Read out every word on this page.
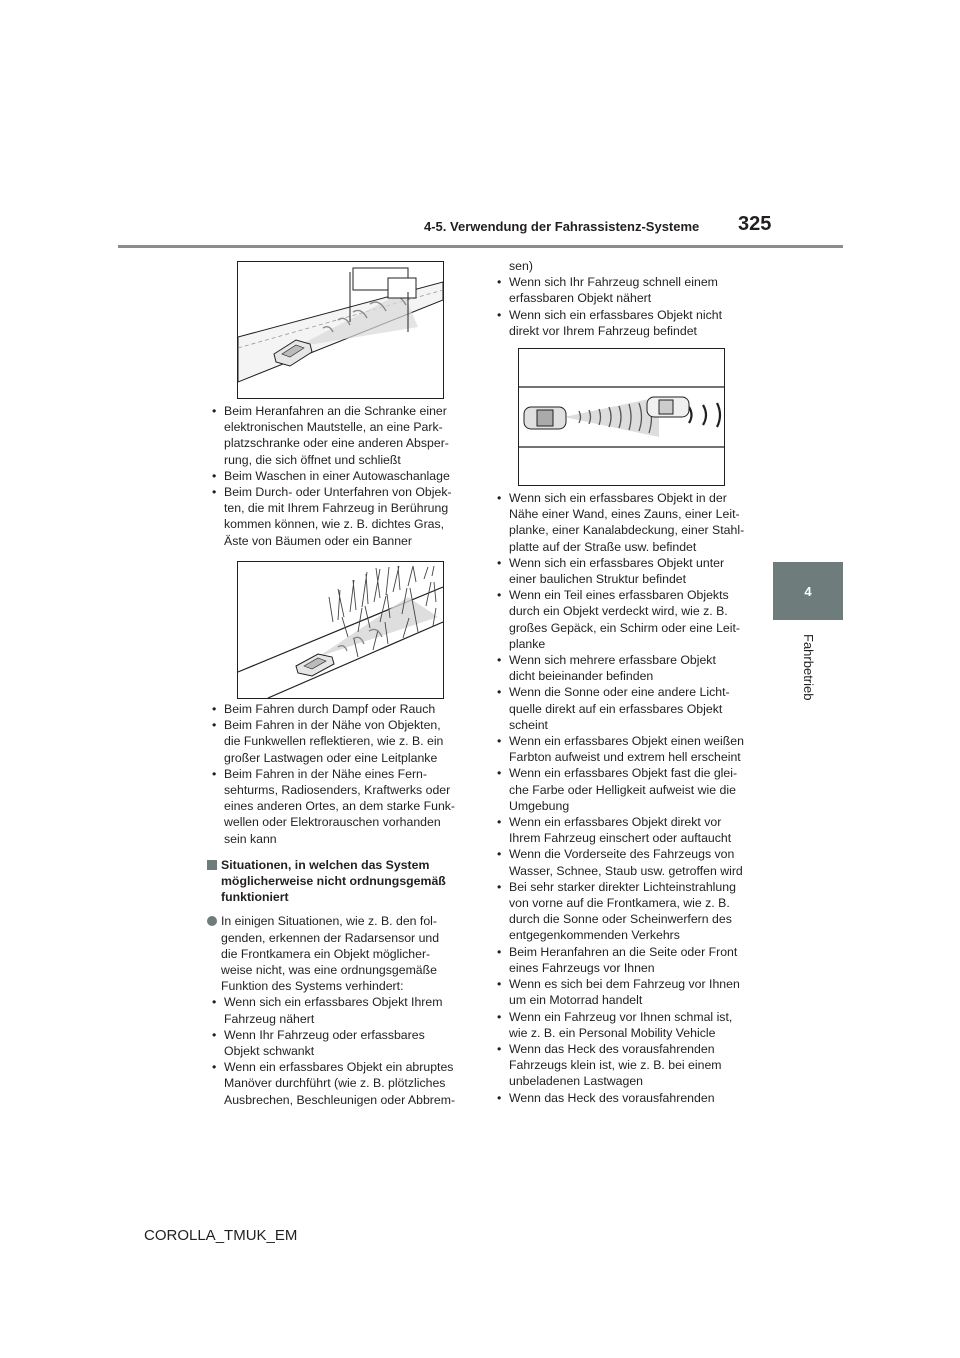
4-5. Verwendung der Fahrassistenz-Systeme 325
4
Fahrbetrieb
• Beim Heranfahren an die Schranke einer
elektronischen Mautstelle, an eine Park-
platzschranke oder eine anderen Absper-
rung, die sich öffnet und schließt
• Beim Waschen in einer Autowaschanlage
• Beim Durch- oder Unterfahren von Objek-
ten, die mit Ihrem Fahrzeug in Berührung
kommen können, wie z. B. dichtes Gras,
Äste von Bäumen oder ein Banner
• Beim Fahren durch Dampf oder Rauch
• Beim Fahren in der Nähe von Objekten,
die Funkwellen reflektieren, wie z. B. ein
großer Lastwagen oder eine Leitplanke
• Beim Fahren in der Nähe eines Fern-
sehturms, Radiosenders, Kraftwerks oder
eines anderen Ortes, an dem starke Funk-
wellen oder Elektrorauschen vorhanden
sein kann
Situationen, in welchen das System
möglicherweise nicht ordnungsgemäß
funktioniert
In einigen Situationen, wie z. B. den fol-
genden, erkennen der Radarsensor und
die Frontkamera ein Objekt möglicher-
weise nicht, was eine ordnungsgemäße
Funktion des Systems verhindert:
• Wenn sich ein erfassbares Objekt Ihrem
Fahrzeug nähert
• Wenn Ihr Fahrzeug oder erfassbares
Objekt schwankt
• Wenn ein erfassbares Objekt ein abruptes
Manöver durchführt (wie z. B. plötzliches
Ausbrechen, Beschleunigen oder Abbrem-
sen)
• Wenn sich Ihr Fahrzeug schnell einem
erfassbaren Objekt nähert
• Wenn sich ein erfassbares Objekt nicht
direkt vor Ihrem Fahrzeug befindet
• Wenn sich ein erfassbares Objekt in der
Nähe einer Wand, eines Zauns, einer Leit-
planke, einer Kanalabdeckung, einer Stahl-
platte auf der Straße usw. befindet
• Wenn sich ein erfassbares Objekt unter
einer baulichen Struktur befindet
• Wenn ein Teil eines erfassbaren Objekts
durch ein Objekt verdeckt wird, wie z. B.
großes Gepäck, ein Schirm oder eine Leit-
planke
• Wenn sich mehrere erfassbare Objekt
dicht beieinander befinden
• Wenn die Sonne oder eine andere Licht-
quelle direkt auf ein erfassbares Objekt
scheint
• Wenn ein erfassbares Objekt einen weißen
Farbton aufweist und extrem hell erscheint
• Wenn ein erfassbares Objekt fast die glei-
che Farbe oder Helligkeit aufweist wie die
Umgebung
• Wenn ein erfassbares Objekt direkt vor
Ihrem Fahrzeug einschert oder auftaucht
• Wenn die Vorderseite des Fahrzeugs von
Wasser, Schnee, Staub usw. getroffen wird
• Bei sehr starker direkter Lichteinstrahlung
von vorne auf die Frontkamera, wie z. B.
durch die Sonne oder Scheinwerfern des
entgegenkommenden Verkehrs
• Beim Heranfahren an die Seite oder Front
eines Fahrzeugs vor Ihnen
• Wenn es sich bei dem Fahrzeug vor Ihnen
um ein Motorrad handelt
• Wenn ein Fahrzeug vor Ihnen schmal ist,
wie z. B. ein Personal Mobility Vehicle
• Wenn das Heck des vorausfahrenden
Fahrzeugs klein ist, wie z. B. bei einem
unbeladenen Lastwagen
• Wenn das Heck des vorausfahrenden
COROLLA_TMUK_EM
